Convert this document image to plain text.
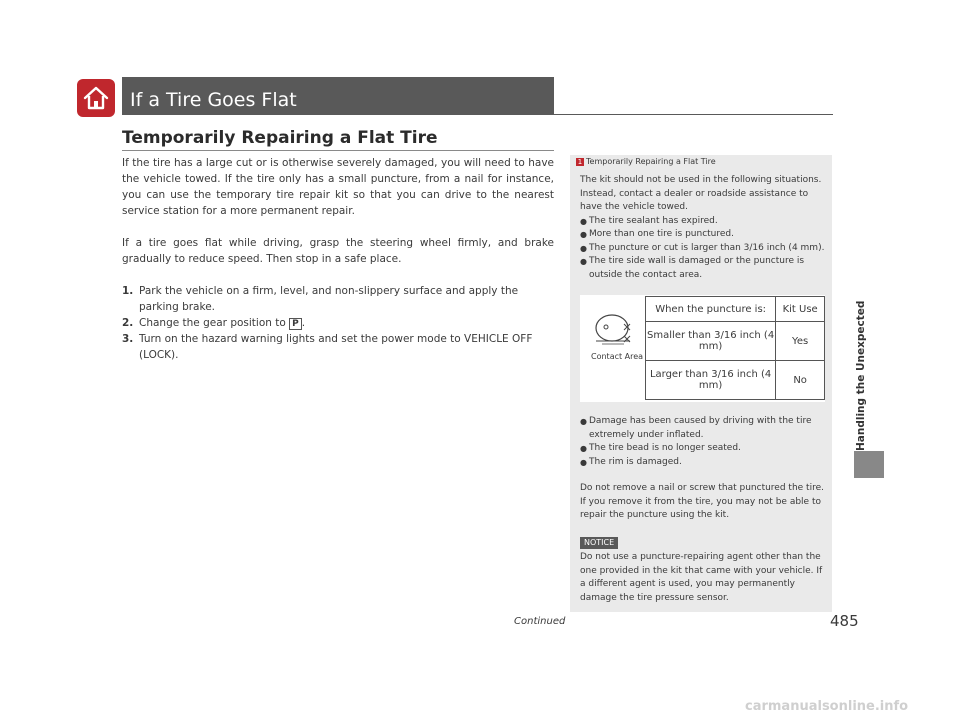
If a Tire Goes Flat
Temporarily Repairing a Flat Tire

If the tire has a large cut or is otherwise severely damaged, you will need to have the vehicle towed. If the tire only has a small puncture, from a nail for instance, you can use the temporary tire repair kit so that you can drive to the nearest service station for a more permanent repair.

If a tire goes flat while driving, grasp the steering wheel firmly, and brake gradually to reduce speed. Then stop in a safe place.

1. Park the vehicle on a firm, level, and non-slippery surface and apply the parking brake.
2. Change the gear position to P .
3. Turn on the hazard warning lights and set the power mode to VEHICLE OFF (LOCK).
1 Temporarily Repairing a Flat Tire

The kit should not be used in the following situations. Instead, contact a dealer or roadside assistance to have the vehicle towed.

● The tire sealant has expired.
● More than one tire is punctured.
● The puncture or cut is larger than 3/16 inch (4 mm).
● The tire side wall is damaged or the puncture is outside the contact area.
Contact Area
When the puncture is:	Kit Use
Smaller than 3/16 inch (4 mm)	Yes
Larger than 3/16 inch (4 mm)	No
● Damage has been caused by driving with the tire extremely under inflated.
● The tire bead is no longer seated.
● The rim is damaged.

Do not remove a nail or screw that punctured the tire. If you remove it from the tire, you may not be able to repair the puncture using the kit.

NOTICE

Do not use a puncture-repairing agent other than the one provided in the kit that came with your vehicle. If a different agent is used, you may permanently damage the tire pressure sensor.

Handling the Unexpected
Continued	485
carmanualsonline.info
